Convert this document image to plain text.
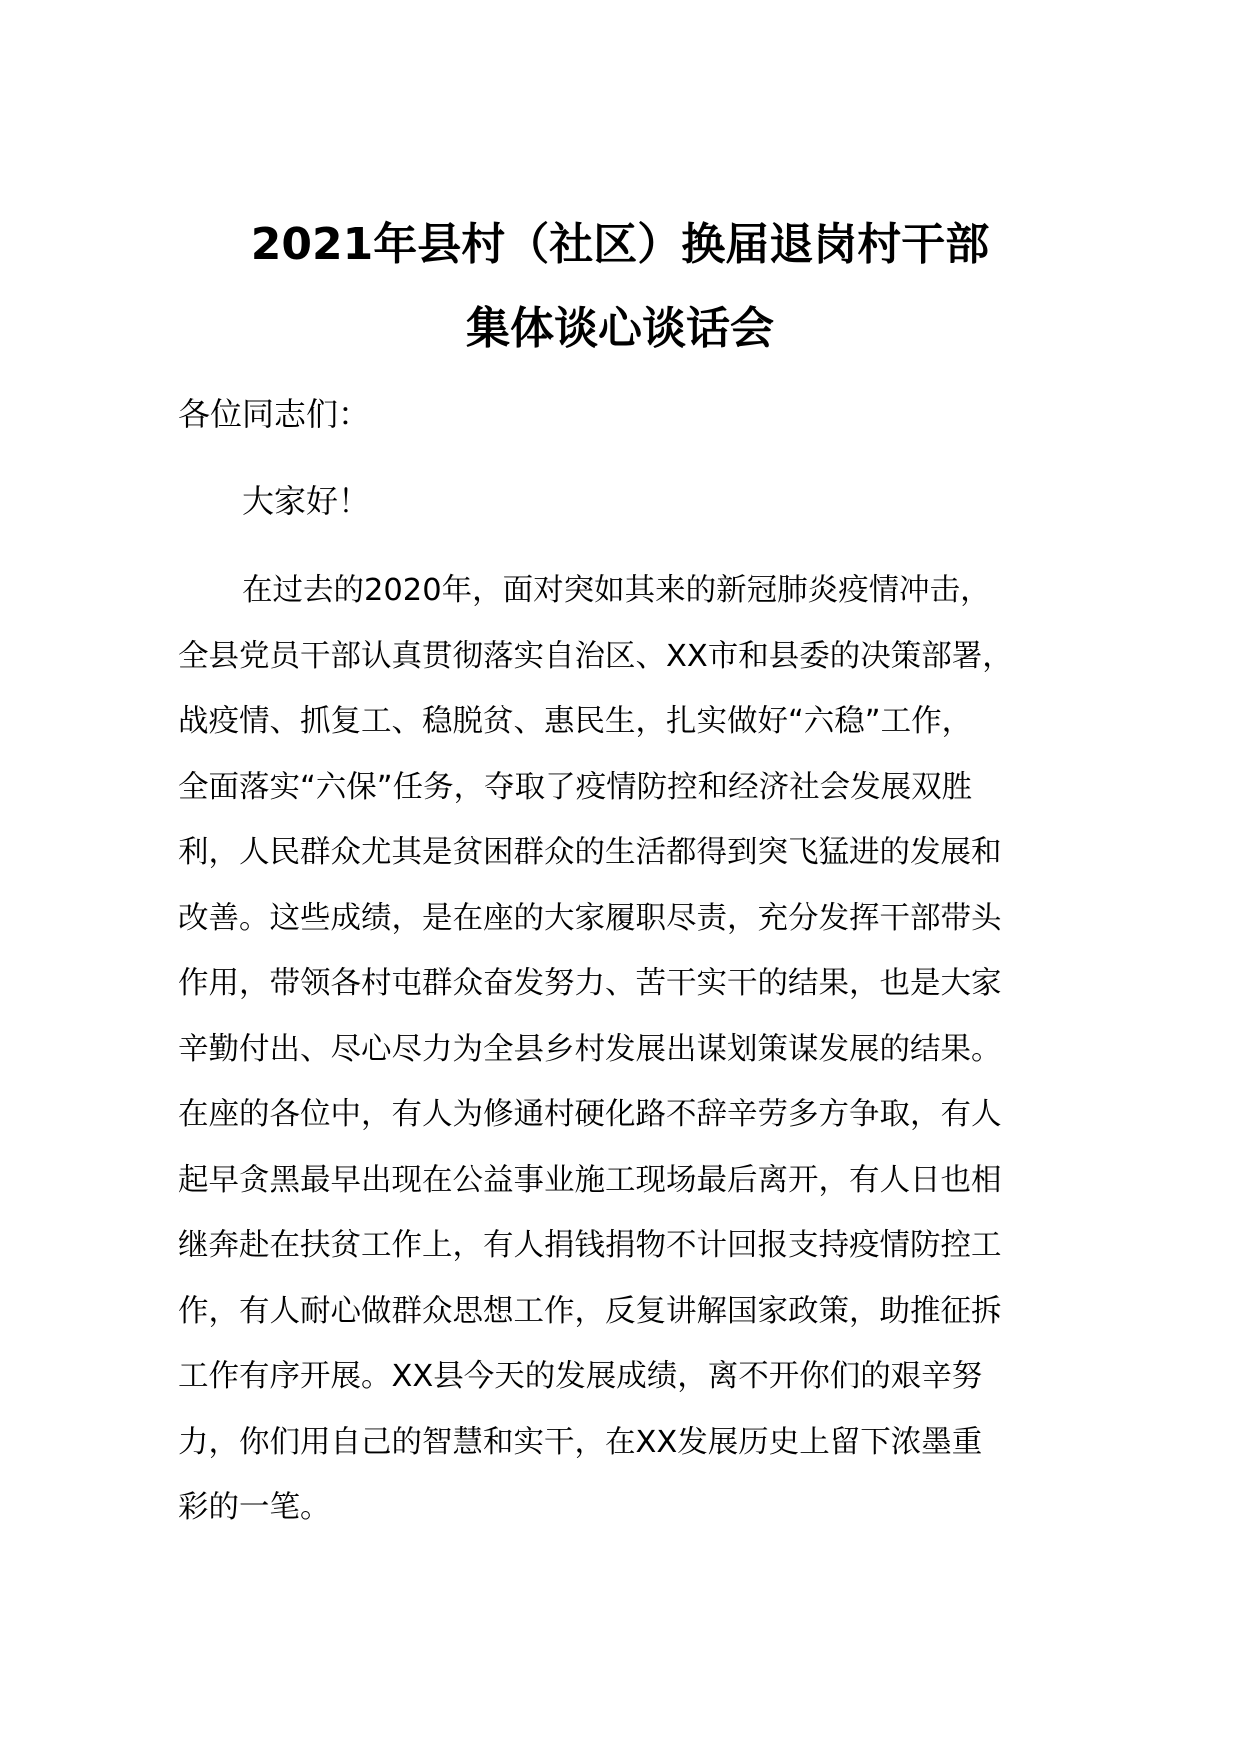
2021年县村（社区）换届退岗村干部
集体谈心谈话会

各位同志们：

大家好！

在过去的2020年，面对突如其来的新冠肺炎疫情冲击，
全县党员干部认真贯彻落实自治区、XX市和县委的决策部署，
战疫情、抓复工、稳脱贫、惠民生，扎实做好“六稳”工作，
全面落实“六保”任务，夺取了疫情防控和经济社会发展双胜
利，人民群众尤其是贫困群众的生活都得到突飞猛进的发展和
改善。这些成绩，是在座的大家履职尽责，充分发挥干部带头
作用，带领各村屯群众奋发努力、苦干实干的结果，也是大家
辛勤付出、尽心尽力为全县乡村发展出谋划策谋发展的结果。
在座的各位中，有人为修通村硬化路不辞辛劳多方争取，有人
起早贪黑最早出现在公益事业施工现场最后离开，有人日也相
继奔赴在扶贫工作上，有人捐钱捐物不计回报支持疫情防控工
作，有人耐心做群众思想工作，反复讲解国家政策，助推征拆
工作有序开展。XX县今天的发展成绩，离不开你们的艰辛努
力，你们用自己的智慧和实干，在XX发展历史上留下浓墨重
彩的一笔。
